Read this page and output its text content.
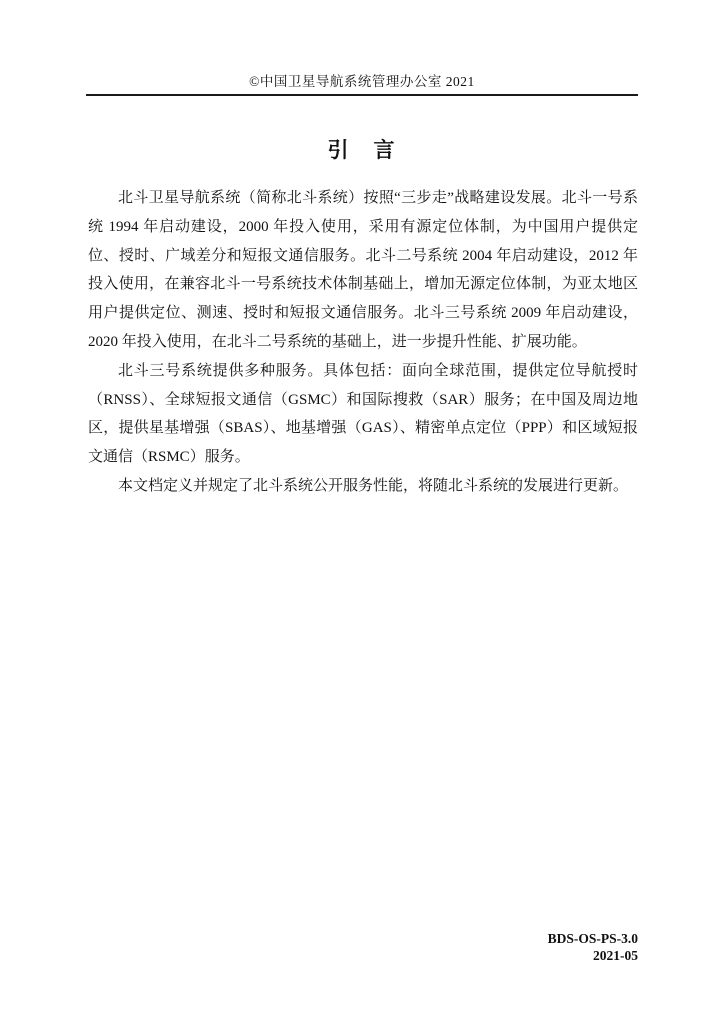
©中国卫星导航系统管理办公室 2021
引　言

北斗卫星导航系统（简称北斗系统）按照“三步走”战略建设发展。北斗一号系统 1994 年启动建设，2000 年投入使用，采用有源定位体制，为中国用户提供定位、授时、广域差分和短报文通信服务。北斗二号系统 2004 年启动建设，2012 年投入使用，在兼容北斗一号系统技术体制基础上，增加无源定位体制，为亚太地区用户提供定位、测速、授时和短报文通信服务。北斗三号系统 2009 年启动建设，2020 年投入使用，在北斗二号系统的基础上，进一步提升性能、扩展功能。

北斗三号系统提供多种服务。具体包括：面向全球范围，提供定位导航授时（RNSS）、全球短报文通信（GSMC）和国际搜救（SAR）服务；在中国及周边地区，提供星基增强（SBAS）、地基增强（GAS）、精密单点定位（PPP）和区域短报文通信（RSMC）服务。

本文档定义并规定了北斗系统公开服务性能，将随北斗系统的发展进行更新。

BDS-OS-PS-3.0
2021-05
